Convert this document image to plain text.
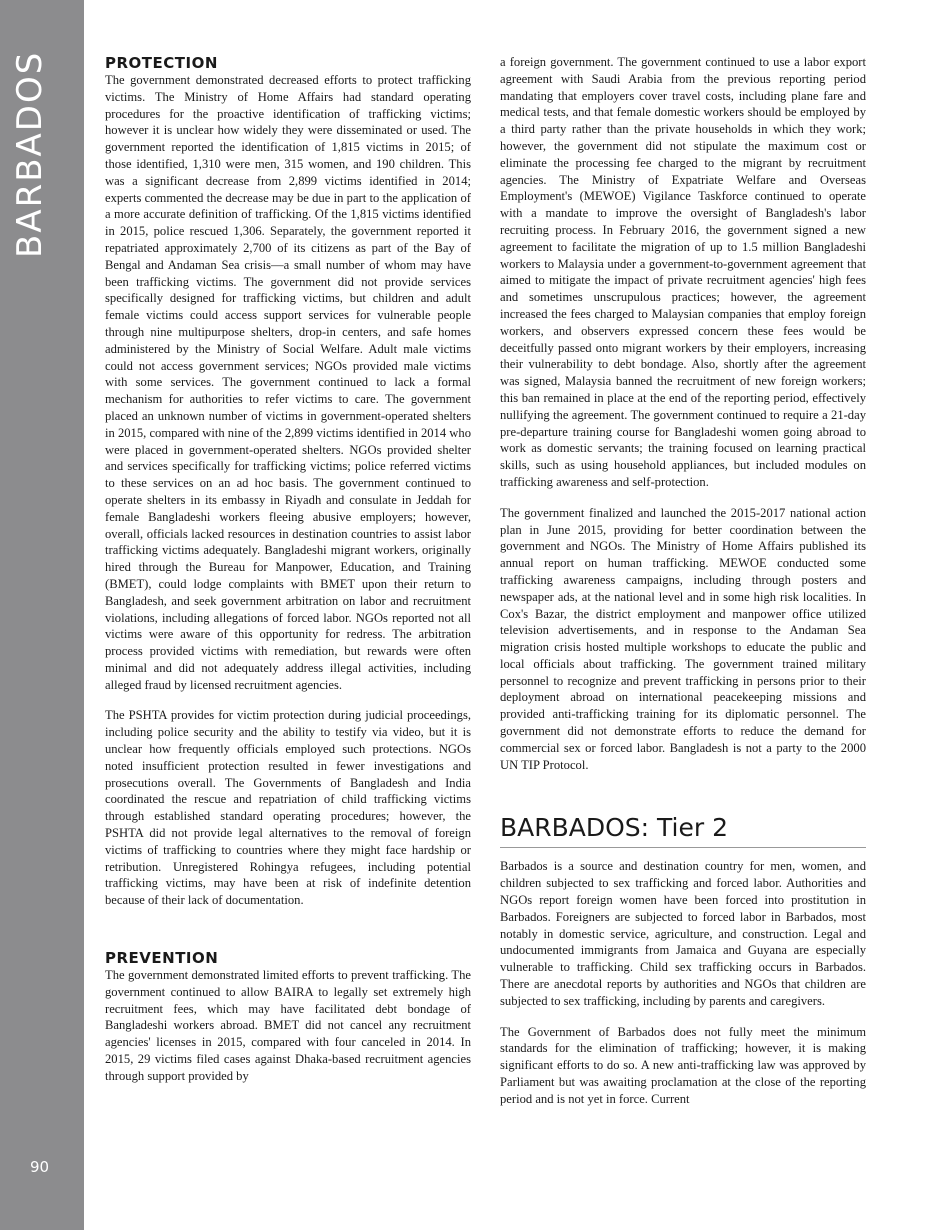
BARBADOS
90
PROTECTION

The government demonstrated decreased efforts to protect trafficking victims. The Ministry of Home Affairs had standard operating procedures for the proactive identification of trafficking victims; however it is unclear how widely they were disseminated or used. The government reported the identification of 1,815 victims in 2015; of those identified, 1,310 were men, 315 women, and 190 children. This was a significant decrease from 2,899 victims identified in 2014; experts commented the decrease may be due in part to the application of a more accurate definition of trafficking. Of the 1,815 victims identified in 2015, police rescued 1,306. Separately, the government reported it repatriated approximately 2,700 of its citizens as part of the Bay of Bengal and Andaman Sea crisis—a small number of whom may have been trafficking victims. The government did not provide services specifically designed for trafficking victims, but children and adult female victims could access support services for vulnerable people through nine multipurpose shelters, drop-in centers, and safe homes administered by the Ministry of Social Welfare. Adult male victims could not access government services; NGOs provided male victims with some services. The government continued to lack a formal mechanism for authorities to refer victims to care. The government placed an unknown number of victims in government-operated shelters in 2015, compared with nine of the 2,899 victims identified in 2014 who were placed in government-operated shelters. NGOs provided shelter and services specifically for trafficking victims; police referred victims to these services on an ad hoc basis. The government continued to operate shelters in its embassy in Riyadh and consulate in Jeddah for female Bangladeshi workers fleeing abusive employers; however, overall, officials lacked resources in destination countries to assist labor trafficking victims adequately. Bangladeshi migrant workers, originally hired through the Bureau for Manpower, Education, and Training (BMET), could lodge complaints with BMET upon their return to Bangladesh, and seek government arbitration on labor and recruitment violations, including allegations of forced labor. NGOs reported not all victims were aware of this opportunity for redress. The arbitration process provided victims with remediation, but rewards were often minimal and did not adequately address illegal activities, including alleged fraud by licensed recruitment agencies.

The PSHTA provides for victim protection during judicial proceedings, including police security and the ability to testify via video, but it is unclear how frequently officials employed such protections. NGOs noted insufficient protection resulted in fewer investigations and prosecutions overall. The Governments of Bangladesh and India coordinated the rescue and repatriation of child trafficking victims through established standard operating procedures; however, the PSHTA did not provide legal alternatives to the removal of foreign victims of trafficking to countries where they might face hardship or retribution. Unregistered Rohingya refugees, including potential trafficking victims, may have been at risk of indefinite detention because of their lack of documentation.

PREVENTION

The government demonstrated limited efforts to prevent trafficking. The government continued to allow BAIRA to legally set extremely high recruitment fees, which may have facilitated debt bondage of Bangladeshi workers abroad. BMET did not cancel any recruitment agencies' licenses in 2015, compared with four canceled in 2014. In 2015, 29 victims filed cases against Dhaka-based recruitment agencies through support provided by

a foreign government. The government continued to use a labor export agreement with Saudi Arabia from the previous reporting period mandating that employers cover travel costs, including plane fare and medical tests, and that female domestic workers should be employed by a third party rather than the private households in which they work; however, the government did not stipulate the maximum cost or eliminate the processing fee charged to the migrant by recruitment agencies. The Ministry of Expatriate Welfare and Overseas Employment's (MEWOE) Vigilance Taskforce continued to operate with a mandate to improve the oversight of Bangladesh's labor recruiting process. In February 2016, the government signed a new agreement to facilitate the migration of up to 1.5 million Bangladeshi workers to Malaysia under a government-to-government agreement that aimed to mitigate the impact of private recruitment agencies' high fees and sometimes unscrupulous practices; however, the agreement increased the fees charged to Malaysian companies that employ foreign workers, and observers expressed concern these fees would be deceitfully passed onto migrant workers by their employers, increasing their vulnerability to debt bondage. Also, shortly after the agreement was signed, Malaysia banned the recruitment of new foreign workers; this ban remained in place at the end of the reporting period, effectively nullifying the agreement. The government continued to require a 21-day pre-departure training course for Bangladeshi women going abroad to work as domestic servants; the training focused on learning practical skills, such as using household appliances, but included modules on trafficking awareness and self-protection.

The government finalized and launched the 2015-2017 national action plan in June 2015, providing for better coordination between the government and NGOs. The Ministry of Home Affairs published its annual report on human trafficking. MEWOE conducted some trafficking awareness campaigns, including through posters and newspaper ads, at the national level and in some high risk localities. In Cox's Bazar, the district employment and manpower office utilized television advertisements, and in response to the Andaman Sea migration crisis hosted multiple workshops to educate the public and local officials about trafficking. The government trained military personnel to recognize and prevent trafficking in persons prior to their deployment abroad on international peacekeeping missions and provided anti-trafficking training for its diplomatic personnel. The government did not demonstrate efforts to reduce the demand for commercial sex or forced labor. Bangladesh is not a party to the 2000 UN TIP Protocol.

BARBADOS: Tier 2

Barbados is a source and destination country for men, women, and children subjected to sex trafficking and forced labor. Authorities and NGOs report foreign women have been forced into prostitution in Barbados. Foreigners are subjected to forced labor in Barbados, most notably in domestic service, agriculture, and construction. Legal and undocumented immigrants from Jamaica and Guyana are especially vulnerable to trafficking. Child sex trafficking occurs in Barbados. There are anecdotal reports by authorities and NGOs that children are subjected to sex trafficking, including by parents and caregivers.

The Government of Barbados does not fully meet the minimum standards for the elimination of trafficking; however, it is making significant efforts to do so. A new anti-trafficking law was approved by Parliament but was awaiting proclamation at the close of the reporting period and is not yet in force. Current
